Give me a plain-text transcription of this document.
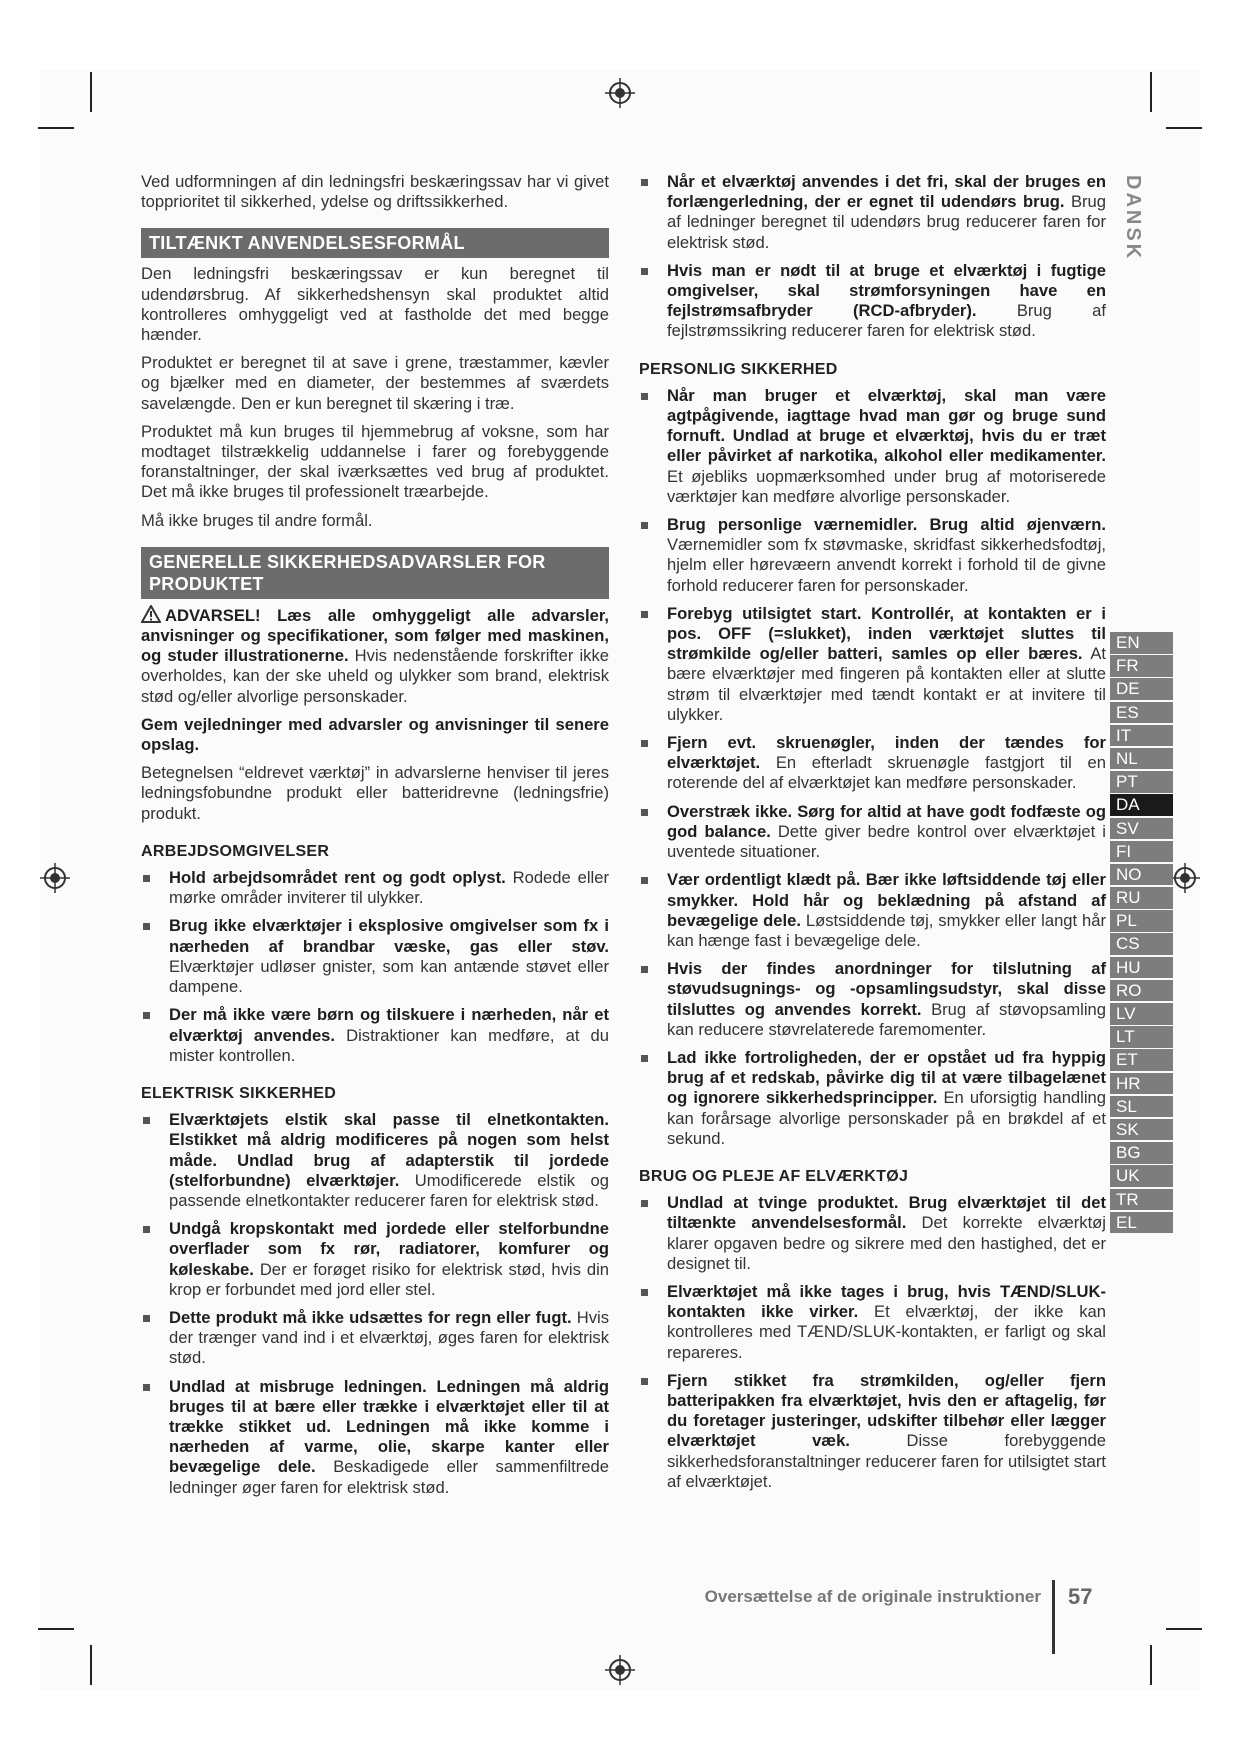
DANSK
EN
FR
DE
ES
IT
NL
PT
DA
SV
FI
NO
RU
PL
CS
HU
RO
LV
LT
ET
HR
SL
SK
BG
UK
TR
EL

Ved udformningen af din ledningsfri beskæringssav har vi givet topprioritet til sikkerhed, ydelse og driftssikkerhed.

TILTÆNKT ANVENDELSESFORMÅL

Den ledningsfri beskæringssav er kun beregnet til udendørsbrug. Af sikkerhedshensyn skal produktet altid kontrolleres omhyggeligt ved at fastholde det med begge hænder.

Produktet er beregnet til at save i grene, træstammer, kævler og bjælker med en diameter, der bestemmes af sværdets savelængde. Den er kun beregnet til skæring i træ.

Produktet må kun bruges til hjemmebrug af voksne, som har modtaget tilstrækkelig uddannelse i farer og forebyggende foranstaltninger, der skal iværksættes ved brug af produktet. Det må ikke bruges til professionelt træarbejde.

Må ikke bruges til andre formål.

GENERELLE SIKKERHEDSADVARSLER FOR PRODUKTET

ADVARSEL! Læs alle omhyggeligt alle advarsler, anvisninger og specifikationer, som følger med maskinen, og studer illustrationerne. Hvis nedenstående forskrifter ikke overholdes, kan der ske uheld og ulykker som brand, elektrisk stød og/eller alvorlige personskader.

Gem vejledninger med advarsler og anvisninger til senere opslag.

Betegnelsen “eldrevet værktøj” in advarslerne henviser til jeres ledningsfobundne produkt eller batteridrevne (ledningsfrie) produkt.

ARBEJDSOMGIVELSER
Hold arbejdsområdet rent og godt oplyst. Rodede eller mørke områder inviterer til ulykker.
Brug ikke elværktøjer i eksplosive omgivelser som fx i nærheden af brandbar væske, gas eller støv. Elværktøjer udløser gnister, som kan antænde støvet eller dampene.
Der må ikke være børn og tilskuere i nærheden, når et elværktøj anvendes. Distraktioner kan medføre, at du mister kontrollen.
ELEKTRISK SIKKERHED
Elværktøjets elstik skal passe til elnetkontakten. Elstikket må aldrig modificeres på nogen som helst måde. Undlad brug af adapterstik til jordede (stelforbundne) elværktøjer. Umodificerede elstik og passende elnetkontakter reducerer faren for elektrisk stød.
Undgå kropskontakt med jordede eller stelforbundne overflader som fx rør, radiatorer, komfurer og køleskabe. Der er forøget risiko for elektrisk stød, hvis din krop er forbundet med jord eller stel.
Dette produkt må ikke udsættes for regn eller fugt. Hvis der trænger vand ind i et elværktøj, øges faren for elektrisk stød.
Undlad at misbruge ledningen. Ledningen må aldrig bruges til at bære eller trække i elværktøjet eller til at trække stikket ud. Ledningen må ikke komme i nærheden af varme, olie, skarpe kanter eller bevægelige dele. Beskadigede eller sammenfiltrede ledninger øger faren for elektrisk stød.
Når et elværktøj anvendes i det fri, skal der bruges en forlængerledning, der er egnet til udendørs brug. Brug af ledninger beregnet til udendørs brug reducerer faren for elektrisk stød.
Hvis man er nødt til at bruge et elværktøj i fugtige omgivelser, skal strømforsyningen have en fejlstrømsafbryder (RCD-afbryder). Brug af fejlstrømssikring reducerer faren for elektrisk stød.
PERSONLIG SIKKERHED
Når man bruger et elværktøj, skal man være agtpågivende, iagttage hvad man gør og bruge sund fornuft. Undlad at bruge et elværktøj, hvis du er træt eller påvirket af narkotika, alkohol eller medikamenter. Et øjebliks uopmærksomhed under brug af motoriserede værktøjer kan medføre alvorlige personskader.
Brug personlige værnemidler. Brug altid øjenværn. Værnemidler som fx støvmaske, skridfast sikkerhedsfodtøj, hjelm eller hørevæern anvendt korrekt i forhold til de givne forhold reducerer faren for personskader.
Forebyg utilsigtet start. Kontrollér, at kontakten er i pos. OFF (=slukket), inden værktøjet sluttes til strømkilde og/eller batteri, samles op eller bæres. At bære elværktøjer med fingeren på kontakten eller at slutte strøm til elværktøjer med tændt kontakt er at invitere til ulykker.
Fjern evt. skruenøgler, inden der tændes for elværktøjet. En efterladt skruenøgle fastgjort til en roterende del af elværktøjet kan medføre personskader.
Overstræk ikke. Sørg for altid at have godt fodfæste og god balance. Dette giver bedre kontrol over elværktøjet i uventede situationer.
Vær ordentligt klædt på. Bær ikke løftsiddende tøj eller smykker. Hold hår og beklædning på afstand af bevægelige dele. Løstsiddende tøj, smykker eller langt hår kan hænge fast i bevægelige dele.
Hvis der findes anordninger for tilslutning af støvudsugnings- og -opsamlingsudstyr, skal disse tilsluttes og anvendes korrekt. Brug af støvopsamling kan reducere støvrelaterede faremomenter.
Lad ikke fortroligheden, der er opstået ud fra hyppig brug af et redskab, påvirke dig til at være tilbagelænet og ignorere sikkerhedsprincipper. En uforsigtig handling kan forårsage alvorlige personskader på en brøkdel af et sekund.
BRUG OG PLEJE AF ELVÆRKTØJ
Undlad at tvinge produktet. Brug elværktøjet til det tiltænkte anvendelsesformål. Det korrekte elværktøj klarer opgaven bedre og sikrere med den hastighed, det er designet til.
Elværktøjet må ikke tages i brug, hvis TÆND/SLUK-kontakten ikke virker. Et elværktøj, der ikke kan kontrolleres med TÆND/SLUK-kontakten, er farligt og skal repareres.
Fjern stikket fra strømkilden, og/eller fjern batteripakken fra elværktøjet, hvis den er aftagelig, før du foretager justeringer, udskifter tilbehør eller lægger elværktøjet væk. Disse forebyggende sikkerhedsforanstaltninger reducerer faren for utilsigtet start af elværktøjet.
Oversættelse af de originale instruktioner 57
